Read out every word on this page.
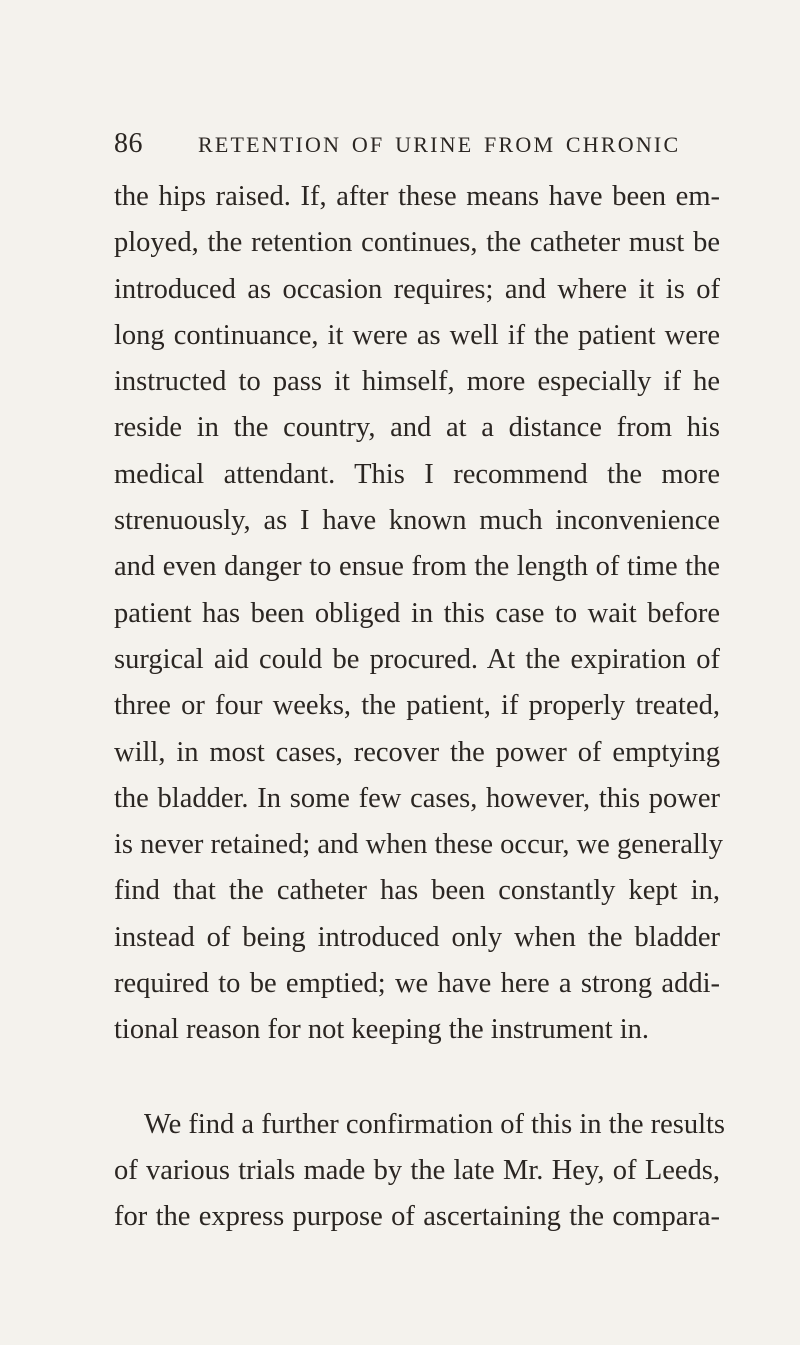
86	RETENTION OF URINE FROM CHRONIC
the hips raised. If, after these means have been em-
ployed, the retention continues, the catheter must be
introduced as occasion requires; and where it is of
long continuance, it were as well if the patient were
instructed to pass it himself, more especially if he
reside in the country, and at a distance from his
medical attendant. This I recommend the more
strenuously, as I have known much inconvenience
and even danger to ensue from the length of time the
patient has been obliged in this case to wait before
surgical aid could be procured. At the expiration of
three or four weeks, the patient, if properly treated,
will, in most cases, recover the power of emptying
the bladder. In some few cases, however, this power
is never retained; and when these occur, we generally
find that the catheter has been constantly kept in,
instead of being introduced only when the bladder
required to be emptied; we have here a strong addi-
tional reason for not keeping the instrument in.
We find a further confirmation of this in the results
of various trials made by the late Mr. Hey, of Leeds,
for the express purpose of ascertaining the compara-
